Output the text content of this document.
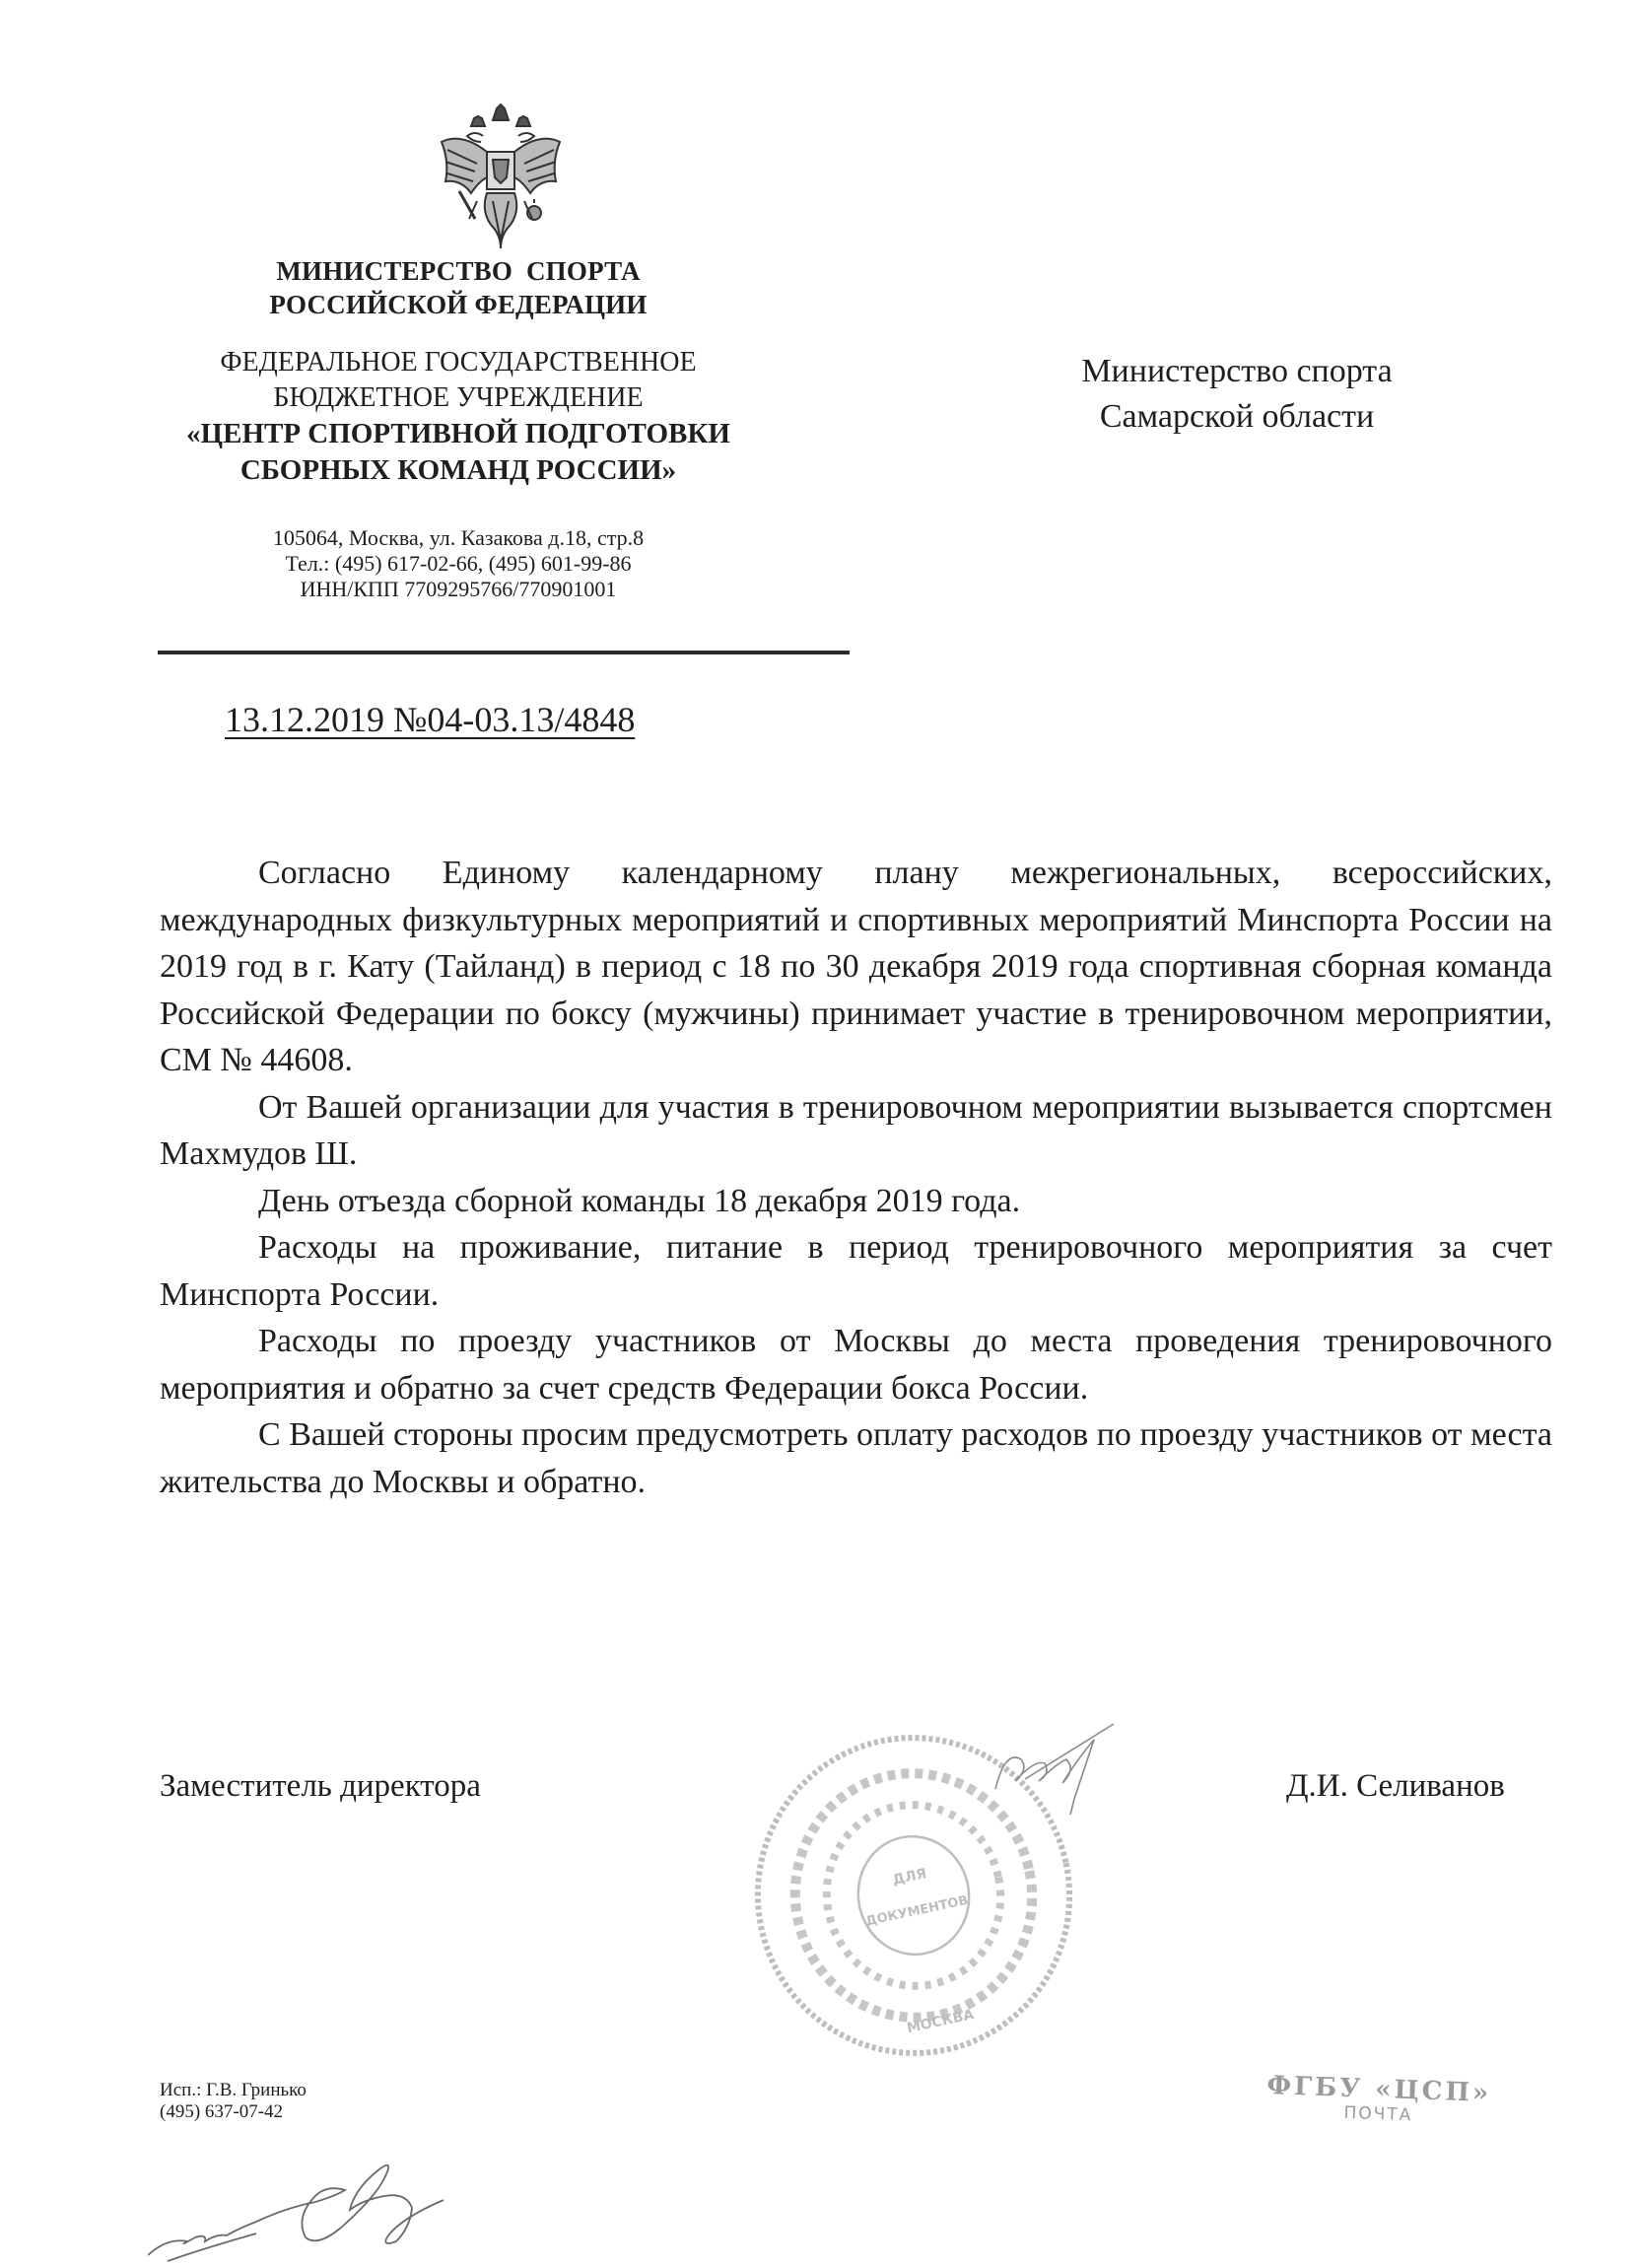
МИНИСТЕРСТВО  СПОРТА
РОССИЙСКОЙ ФЕДЕРАЦИИ
ФЕДЕРАЛЬНОЕ ГОСУДАРСТВЕННОЕ
БЮДЖЕТНОЕ УЧРЕЖДЕНИЕ
«ЦЕНТР СПОРТИВНОЙ ПОДГОТОВКИ
СБОРНЫХ КОМАНД РОССИИ»
105064, Москва, ул. Казакова д.18, стр.8
Тел.: (495) 617-02-66, (495) 601-99-86
ИНН/КПП 7709295766/770901001
13.12.2019 №04-03.13/4848
Министерство спорта
Самарской области

Согласно Единому календарному плану межрегиональных, всероссийских, международных физкультурных мероприятий и спортивных мероприятий Минспорта России на 2019 год в г. Кату (Тайланд) в период с 18 по 30 декабря 2019 года спортивная сборная команда Российской Федерации по боксу (мужчины) принимает участие в тренировочном мероприятии, СМ № 44608.

От Вашей организации для участия в тренировочном мероприятии вызывается спортсмен Махмудов Ш.

День отъезда сборной команды 18 декабря 2019 года.

Расходы на проживание, питание в период тренировочного мероприятия за счет Минспорта России.

Расходы по проезду участников от Москвы до места проведения тренировочного мероприятия и обратно за счет средств Федерации бокса России.

С Вашей стороны просим предусмотреть оплату расходов по проезду участников от места жительства до Москвы и обратно.

Заместитель директора	Д.И. Селиванов
ДЛЯ
ДОКУМЕНТОВ
МОСКВА
Исп.: Г.В. Гринько
(495) 637-07-42
ФГБУ «ЦСП»
ПОЧТА
